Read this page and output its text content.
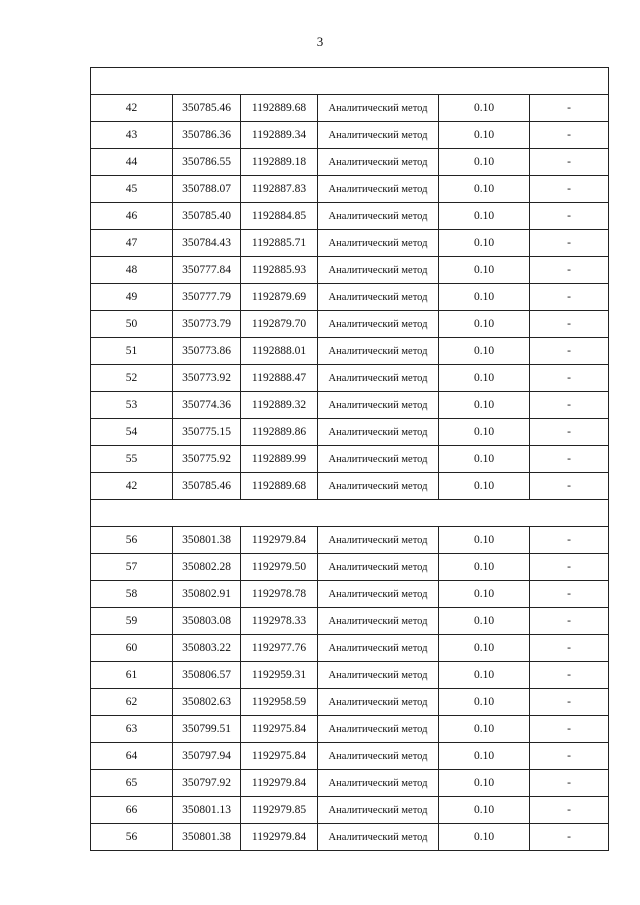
3

42	350785.46	1192889.68	Аналитический метод	0.10	-
43	350786.36	1192889.34	Аналитический метод	0.10	-
44	350786.55	1192889.18	Аналитический метод	0.10	-
45	350788.07	1192887.83	Аналитический метод	0.10	-
46	350785.40	1192884.85	Аналитический метод	0.10	-
47	350784.43	1192885.71	Аналитический метод	0.10	-
48	350777.84	1192885.93	Аналитический метод	0.10	-
49	350777.79	1192879.69	Аналитический метод	0.10	-
50	350773.79	1192879.70	Аналитический метод	0.10	-
51	350773.86	1192888.01	Аналитический метод	0.10	-
52	350773.92	1192888.47	Аналитический метод	0.10	-
53	350774.36	1192889.32	Аналитический метод	0.10	-
54	350775.15	1192889.86	Аналитический метод	0.10	-
55	350775.92	1192889.99	Аналитический метод	0.10	-
42	350785.46	1192889.68	Аналитический метод	0.10	-

56	350801.38	1192979.84	Аналитический метод	0.10	-
57	350802.28	1192979.50	Аналитический метод	0.10	-
58	350802.91	1192978.78	Аналитический метод	0.10	-
59	350803.08	1192978.33	Аналитический метод	0.10	-
60	350803.22	1192977.76	Аналитический метод	0.10	-
61	350806.57	1192959.31	Аналитический метод	0.10	-
62	350802.63	1192958.59	Аналитический метод	0.10	-
63	350799.51	1192975.84	Аналитический метод	0.10	-
64	350797.94	1192975.84	Аналитический метод	0.10	-
65	350797.92	1192979.84	Аналитический метод	0.10	-
66	350801.13	1192979.85	Аналитический метод	0.10	-
56	350801.38	1192979.84	Аналитический метод	0.10	-
